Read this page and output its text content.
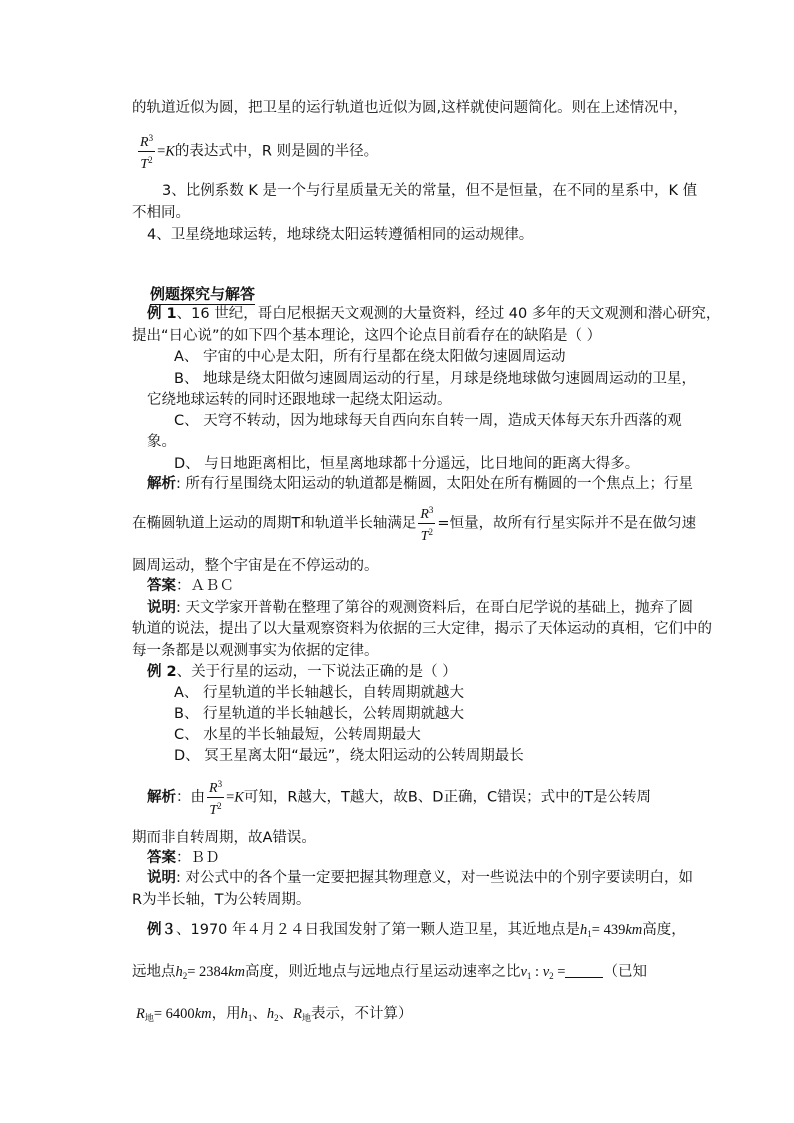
的轨道近似为圆，把卫星的运行轨道也近似为圆,这样就使问题简化。则在上述情况中，
$\frac{R^3}{T^2} =K$的表达式中，R 则是圆的半径。
3、比例系数 K 是一个与行星质量无关的常量，但不是恒量，在不同的星系中，K 值
不相同。
4、卫星绕地球运转，地球绕太阳运转遵循相同的运动规律。
例题探究与解答
例 1、16 世纪，哥白尼根据天文观测的大量资料，经过 40 多年的天文观测和潜心研究，
提出“日心说”的如下四个基本理论，这四个论点目前看存在的缺陷是（ ）
A、 宇宙的中心是太阳，所有行星都在绕太阳做匀速圆周运动
B、 地球是绕太阳做匀速圆周运动的行星，月球是绕地球做匀速圆周运动的卫星，
它绕地球运转的同时还跟地球一起绕太阳运动。
C、 天穹不转动，因为地球每天自西向东自转一周，造成天体每天东升西落的观
象。
D、 与日地距离相比，恒星离地球都十分遥远，比日地间的距离大得多。
解析: 所有行星围绕太阳运动的轨道都是椭圆，太阳处在所有椭圆的一个焦点上；行星
在椭圆轨道上运动的周期T和轨道半长轴满足 $\frac{R^3}{T^2}$ =恒量，故所有行星实际并不是在做匀速
圆周运动，整个宇宙是在不停运动的。
答案：ＡＢＣ
说明: 天文学家开普勒在整理了第谷的观测资料后，在哥白尼学说的基础上，抛弃了圆
轨道的说法，提出了以大量观察资料为依据的三大定律，揭示了天体运动的真相，它们中的
每一条都是以观测事实为依据的定律。
例 2、关于行星的运动，一下说法正确的是（ ）
A、 行星轨道的半长轴越长，自转周期就越大
B、 行星轨道的半长轴越长，公转周期就越大
C、 水星的半长轴最短，公转周期最大
D、 冥王星离太阳“最远”，绕太阳运动的公转周期最长
解析：由 $\frac{R^3}{T^2} =K$可知，R越大，T越大，故B、D正确，C错误；式中的T是公转周
期而非自转周期，故A错误。
答案：ＢＤ
说明: 对公式中的各个量一定要把握其物理意义，对一些说法中的个别字要读明白，如
R为半长轴，T为公转周期。
例３、1970 年４月２４日我国发射了第一颗人造卫星，其近地点是$h_1= 439km$高度，
远地点$h_2= 2384km$高度，则近地点与远地点行星运动速率之比$v_1$ : $v_2$ =	（已知
$R_地= 6400km$，用$h_1$、$h_2$、$R_地$表示，不计算）
